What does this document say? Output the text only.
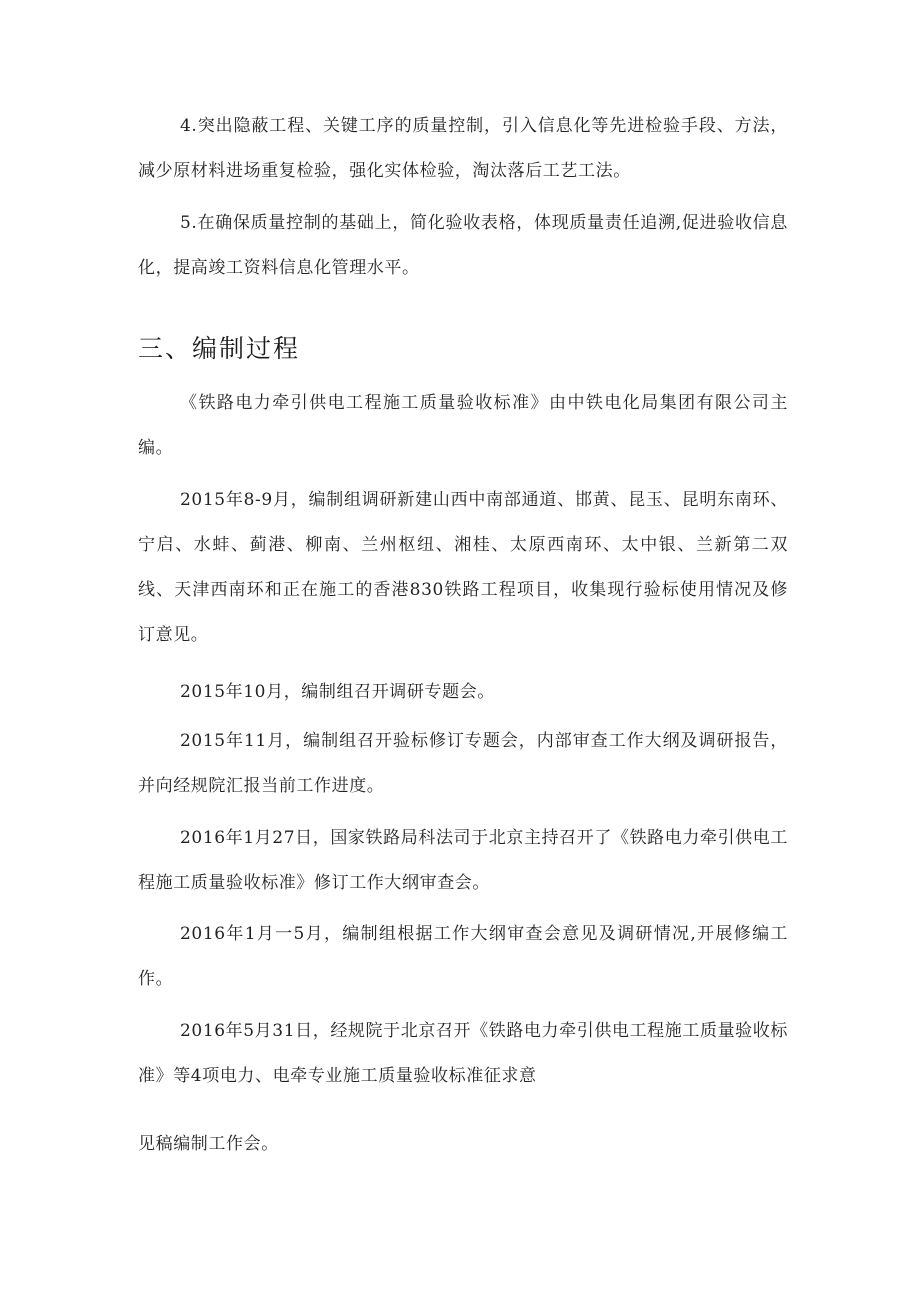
4.突出隐蔽工程、关键工序的质量控制，引入信息化等先进检验手段、方法，减少原材料进场重复检验，强化实体检验，淘汰落后工艺工法。

5.在确保质量控制的基础上，简化验收表格，体现质量责任追溯,促进验收信息化，提高竣工资料信息化管理水平。

三、编制过程

《铁路电力牵引供电工程施工质量验收标准》由中铁电化局集团有限公司主编。

2015年8-9月，编制组调研新建山西中南部通道、邯黄、昆玉、昆明东南环、宁启、水蚌、蓟港、柳南、兰州枢纽、湘桂、太原西南环、太中银、兰新第二双线、天津西南环和正在施工的香港830铁路工程项目，收集现行验标使用情况及修订意见。

2015年10月，编制组召开调研专题会。

2015年11月，编制组召开验标修订专题会，内部审查工作大纲及调研报告，并向经规院汇报当前工作进度。

2016年1月27日，国家铁路局科法司于北京主持召开了《铁路电力牵引供电工程施工质量验收标准》修订工作大纲审查会。

2016年1月一5月，编制组根据工作大纲审查会意见及调研情况,开展修编工作。

2016年5月31日，经规院于北京召开《铁路电力牵引供电工程施工质量验收标准》等4项电力、电牵专业施工质量验收标准征求意

见稿编制工作会。
